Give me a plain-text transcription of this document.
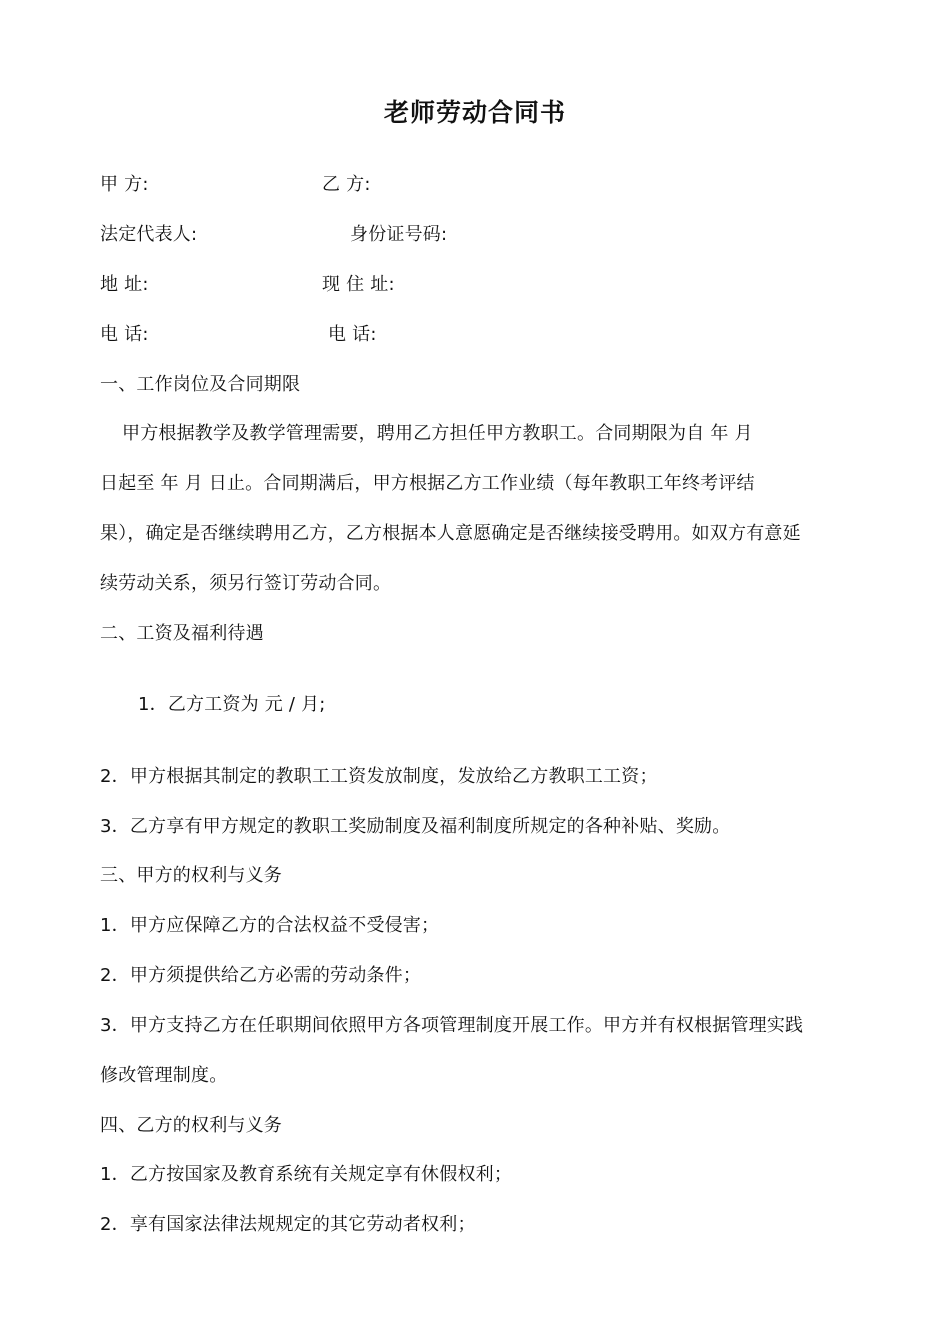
老师劳动合同书
甲 方:	乙 方:
法定代表人:	身份证号码:
地 址:	现 住 址:
电 话:	电 话:
一、工作岗位及合同期限
甲方根据教学及教学管理需要，聘用乙方担任甲方教职工。合同期限为自 年 月
日起至 年 月 日止。合同期满后，甲方根据乙方工作业绩（每年教职工年终考评结
果），确定是否继续聘用乙方，乙方根据本人意愿确定是否继续接受聘用。如双方有意延
续劳动关系，须另行签订劳动合同。
二、工资及福利待遇
1．乙方工资为 元 / 月;
2．甲方根据其制定的教职工工资发放制度，发放给乙方教职工工资；
3．乙方享有甲方规定的教职工奖励制度及福利制度所规定的各种补贴、奖励。
三、甲方的权利与义务
1．甲方应保障乙方的合法权益不受侵害；
2．甲方须提供给乙方必需的劳动条件；
3．甲方支持乙方在任职期间依照甲方各项管理制度开展工作。甲方并有权根据管理实践
修改管理制度。
四、乙方的权利与义务
1．乙方按国家及教育系统有关规定享有休假权利；
2．享有国家法律法规规定的其它劳动者权利；
